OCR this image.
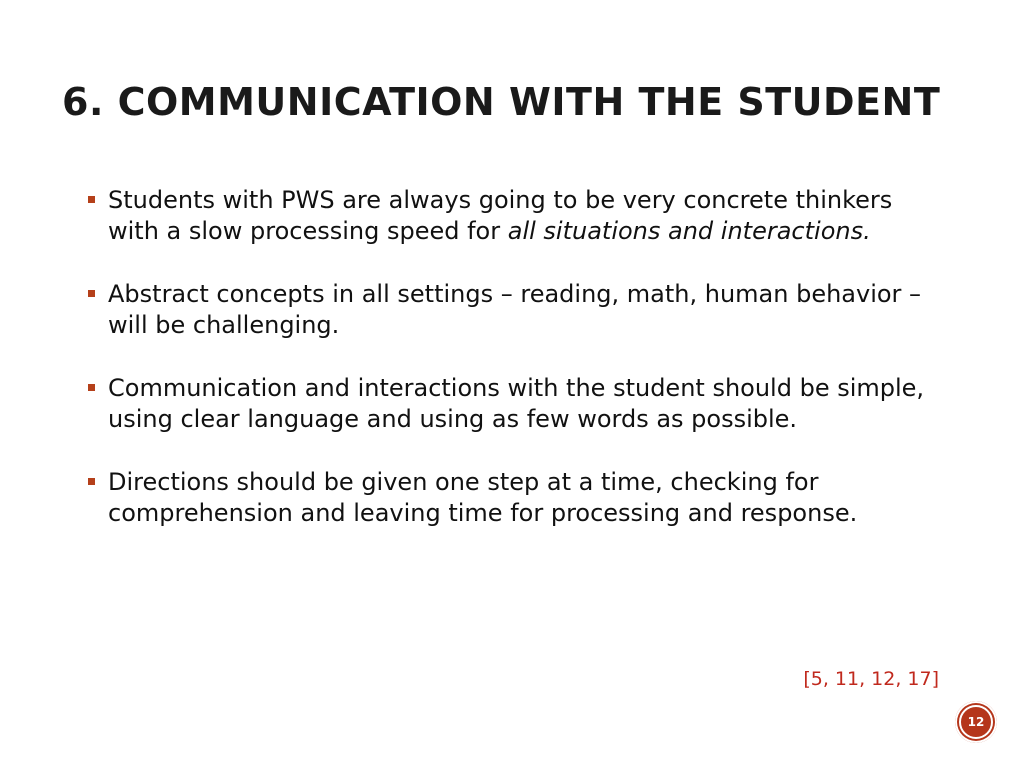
6. COMMUNICATION WITH THE STUDENT
Students with PWS are always going to be very concrete thinkers with a slow processing speed for all situations and interactions.
Abstract concepts in all settings – reading, math, human behavior – will be challenging.
Communication and interactions with the student should be simple, using clear language and using as few words as possible.
Directions should be given one step at a time, checking for comprehension and leaving time for processing and response.
[5, 11, 12, 17]
12
